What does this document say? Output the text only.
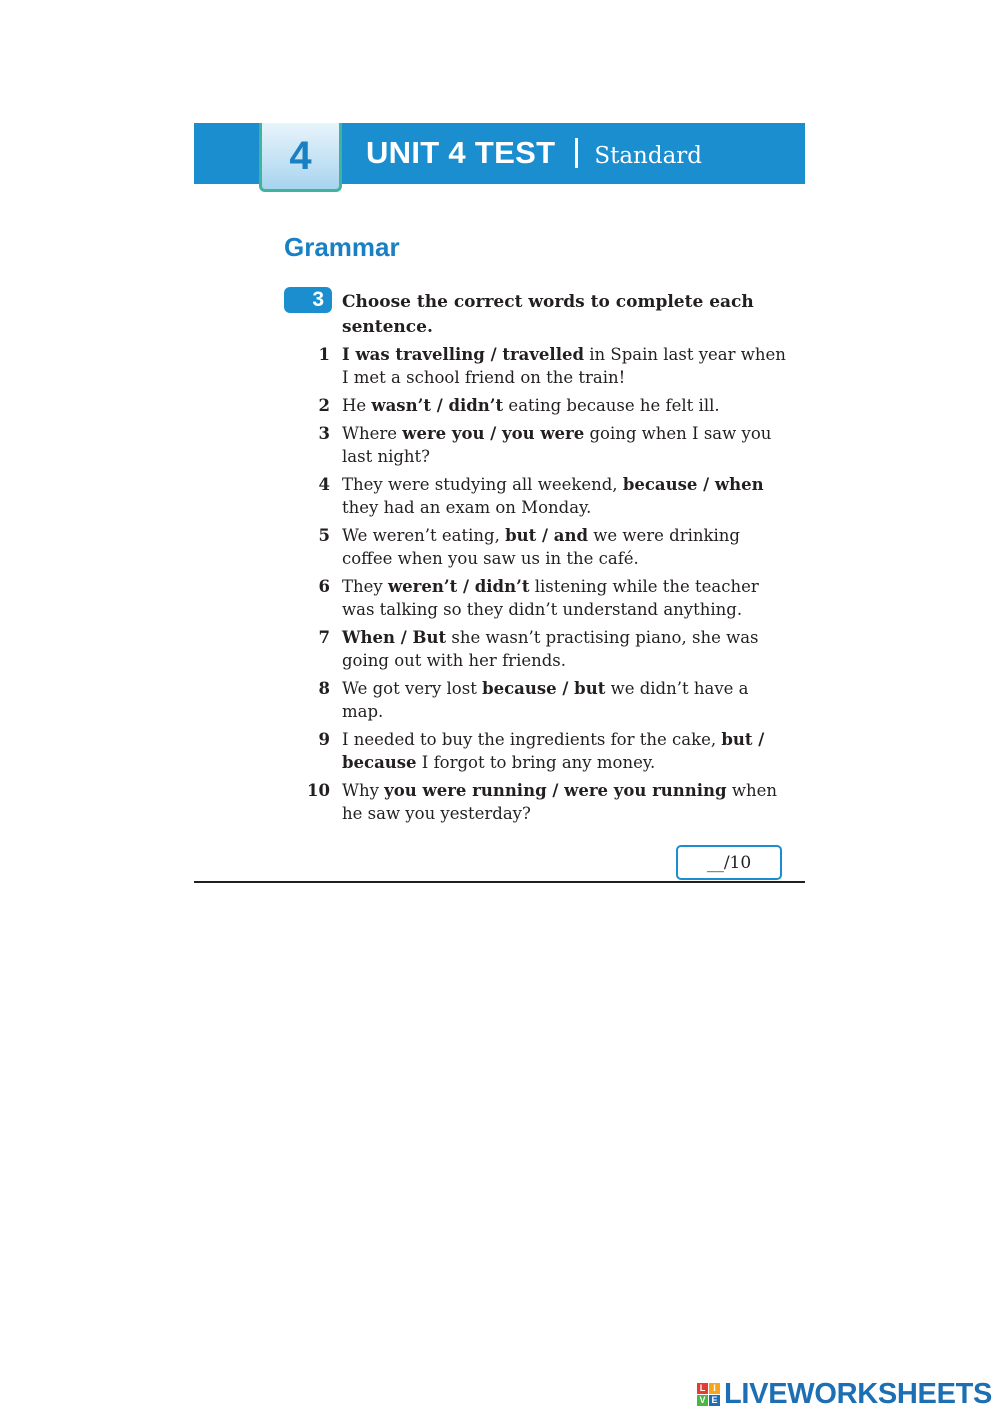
4 UNIT 4 TEST Standard
Grammar
3	Choose the correct words to complete each sentence.
1 I was travelling / travelled in Spain last year when I met a school friend on the train!
2 He wasn’t / didn’t eating because he felt ill.
3 Where were you / you were going when I saw you last night?
4 They were studying all weekend, because / when they had an exam on Monday.
5 We weren’t eating, but / and we were drinking coffee when you saw us in the café.
6 They weren’t / didn’t listening while the teacher was talking so they didn’t understand anything.
7 When / But she wasn’t practising piano, she was going out with her friends.
8 We got very lost because / but we didn’t have a map.
9 I needed to buy the ingredients for the cake, but / because I forgot to bring any money.
10 Why you were running / were you running when he saw you yesterday?
__/10
L I
V E LIVEWORKSHEETS
